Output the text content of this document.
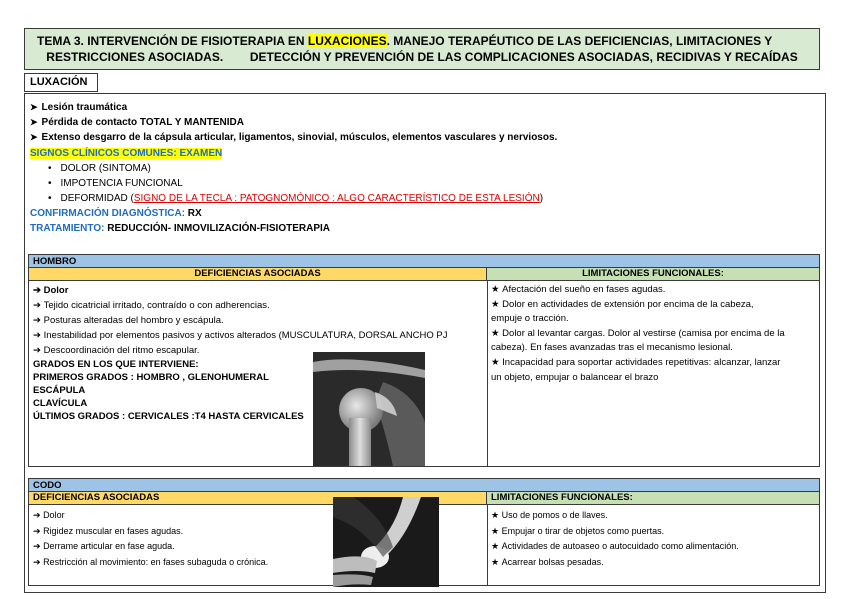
TEMA 3. INTERVENCIÓN DE FISIOTERAPIA EN LUXACIONES. MANEJO TERAPÉUTICO DE LAS DEFICIENCIAS, LIMITACIONES Y
RESTRICCIONES ASOCIADAS.        DETECCIÓN Y PREVENCIÓN DE LAS COMPLICACIONES ASOCIADAS, RECIDIVAS Y RECAÍDAS
LUXACIÓN
➤ Lesión traumática
➤ Pérdida de contacto TOTAL Y MANTENIDA
➤ Extenso desgarro de la cápsula articular, ligamentos, sinovial, músculos, elementos vasculares y nerviosos.
SIGNOS CLÍNICOS COMUNES: EXAMEN
• DOLOR (SINTOMA)
• IMPOTENCIA FUNCIONAL
• DEFORMIDAD (SIGNO DE LA TECLA : PATOGNOMÓNICO : ALGO CARACTERÍSTICO DE ESTA LESIÓN)
CONFIRMACIÓN DIAGNÓSTICA: RX
TRATAMIENTO: REDUCCIÓN- INMOVILIZACIÓN-FISIOTERAPIA
HOMBRO
DEFICIENCIAS ASOCIADAS	LIMITACIONES FUNCIONALES:
➔ Dolor
➔ Tejido cicatricial irritado, contraído o con adherencias.
➔ Posturas alteradas del hombro y escápula.
➔ Inestabilidad por elementos pasivos y activos alterados (MUSCULATURA, DORSAL ANCHO PJ
➔ Descoordinación del ritmo escapular.
GRADOS EN LOS QUE INTERVIENE:
PRIMEROS GRADOS : HOMBRO , GLENOHUMERAL
ESCÁPULA
CLAVÍCULA
ÚLTIMOS GRADOS : CERVICALES :T4 HASTA CERVICALES
★ Afectación del sueño en fases agudas.
★ Dolor en actividades de extensión por encima de la cabeza,
empuje o tracción.
★ Dolor al levantar cargas. Dolor al vestirse (camisa por encima de la
cabeza). En fases avanzadas tras el mecanismo lesional.
★ Incapacidad para soportar actividades repetitivas: alcanzar, lanzar
un objeto, empujar o balancear el brazo
CODO
DEFICIENCIAS ASOCIADAS	LIMITACIONES FUNCIONALES:
➔ Dolor
➔ Rigidez muscular en fases agudas.
➔ Derrame articular en fase aguda.
➔ Restricción al movimiento: en fases subaguda o crónica.
★ Uso de pomos o de llaves.
★ Empujar o tirar de objetos como puertas.
★ Actividades de autoaseo o autocuidado como alimentación.
★ Acarrear bolsas pesadas.
